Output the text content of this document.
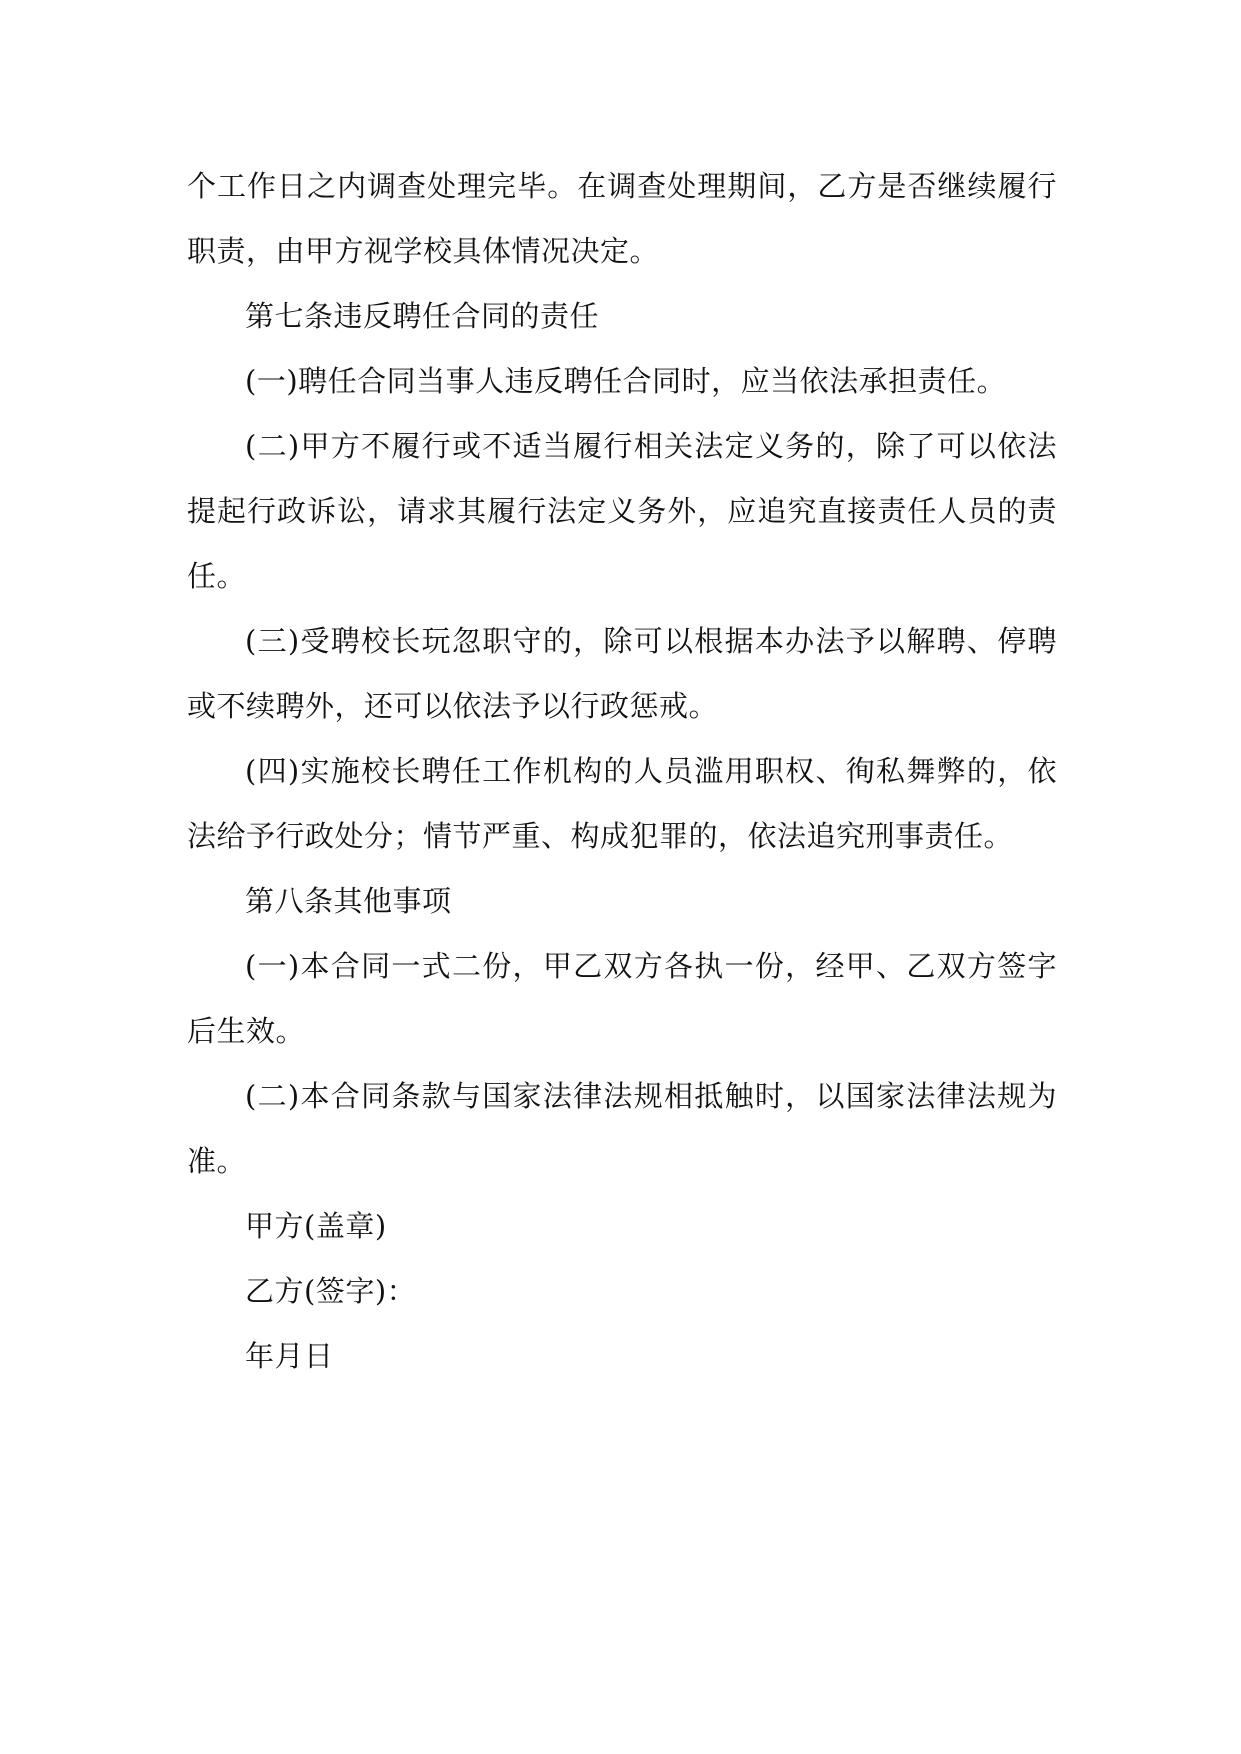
个工作日之内调查处理完毕。在调查处理期间，乙方是否继续履行职责，由甲方视学校具体情况决定。

第七条违反聘任合同的责任

(一)聘任合同当事人违反聘任合同时，应当依法承担责任。

(二)甲方不履行或不适当履行相关法定义务的，除了可以依法提起行政诉讼，请求其履行法定义务外，应追究直接责任人员的责任。

(三)受聘校长玩忽职守的，除可以根据本办法予以解聘、停聘或不续聘外，还可以依法予以行政惩戒。

(四)实施校长聘任工作机构的人员滥用职权、徇私舞弊的，依法给予行政处分；情节严重、构成犯罪的，依法追究刑事责任。

第八条其他事项

(一)本合同一式二份，甲乙双方各执一份，经甲、乙双方签字后生效。

(二)本合同条款与国家法律法规相抵触时，以国家法律法规为准。

甲方(盖章)

乙方(签字)：

年月日
